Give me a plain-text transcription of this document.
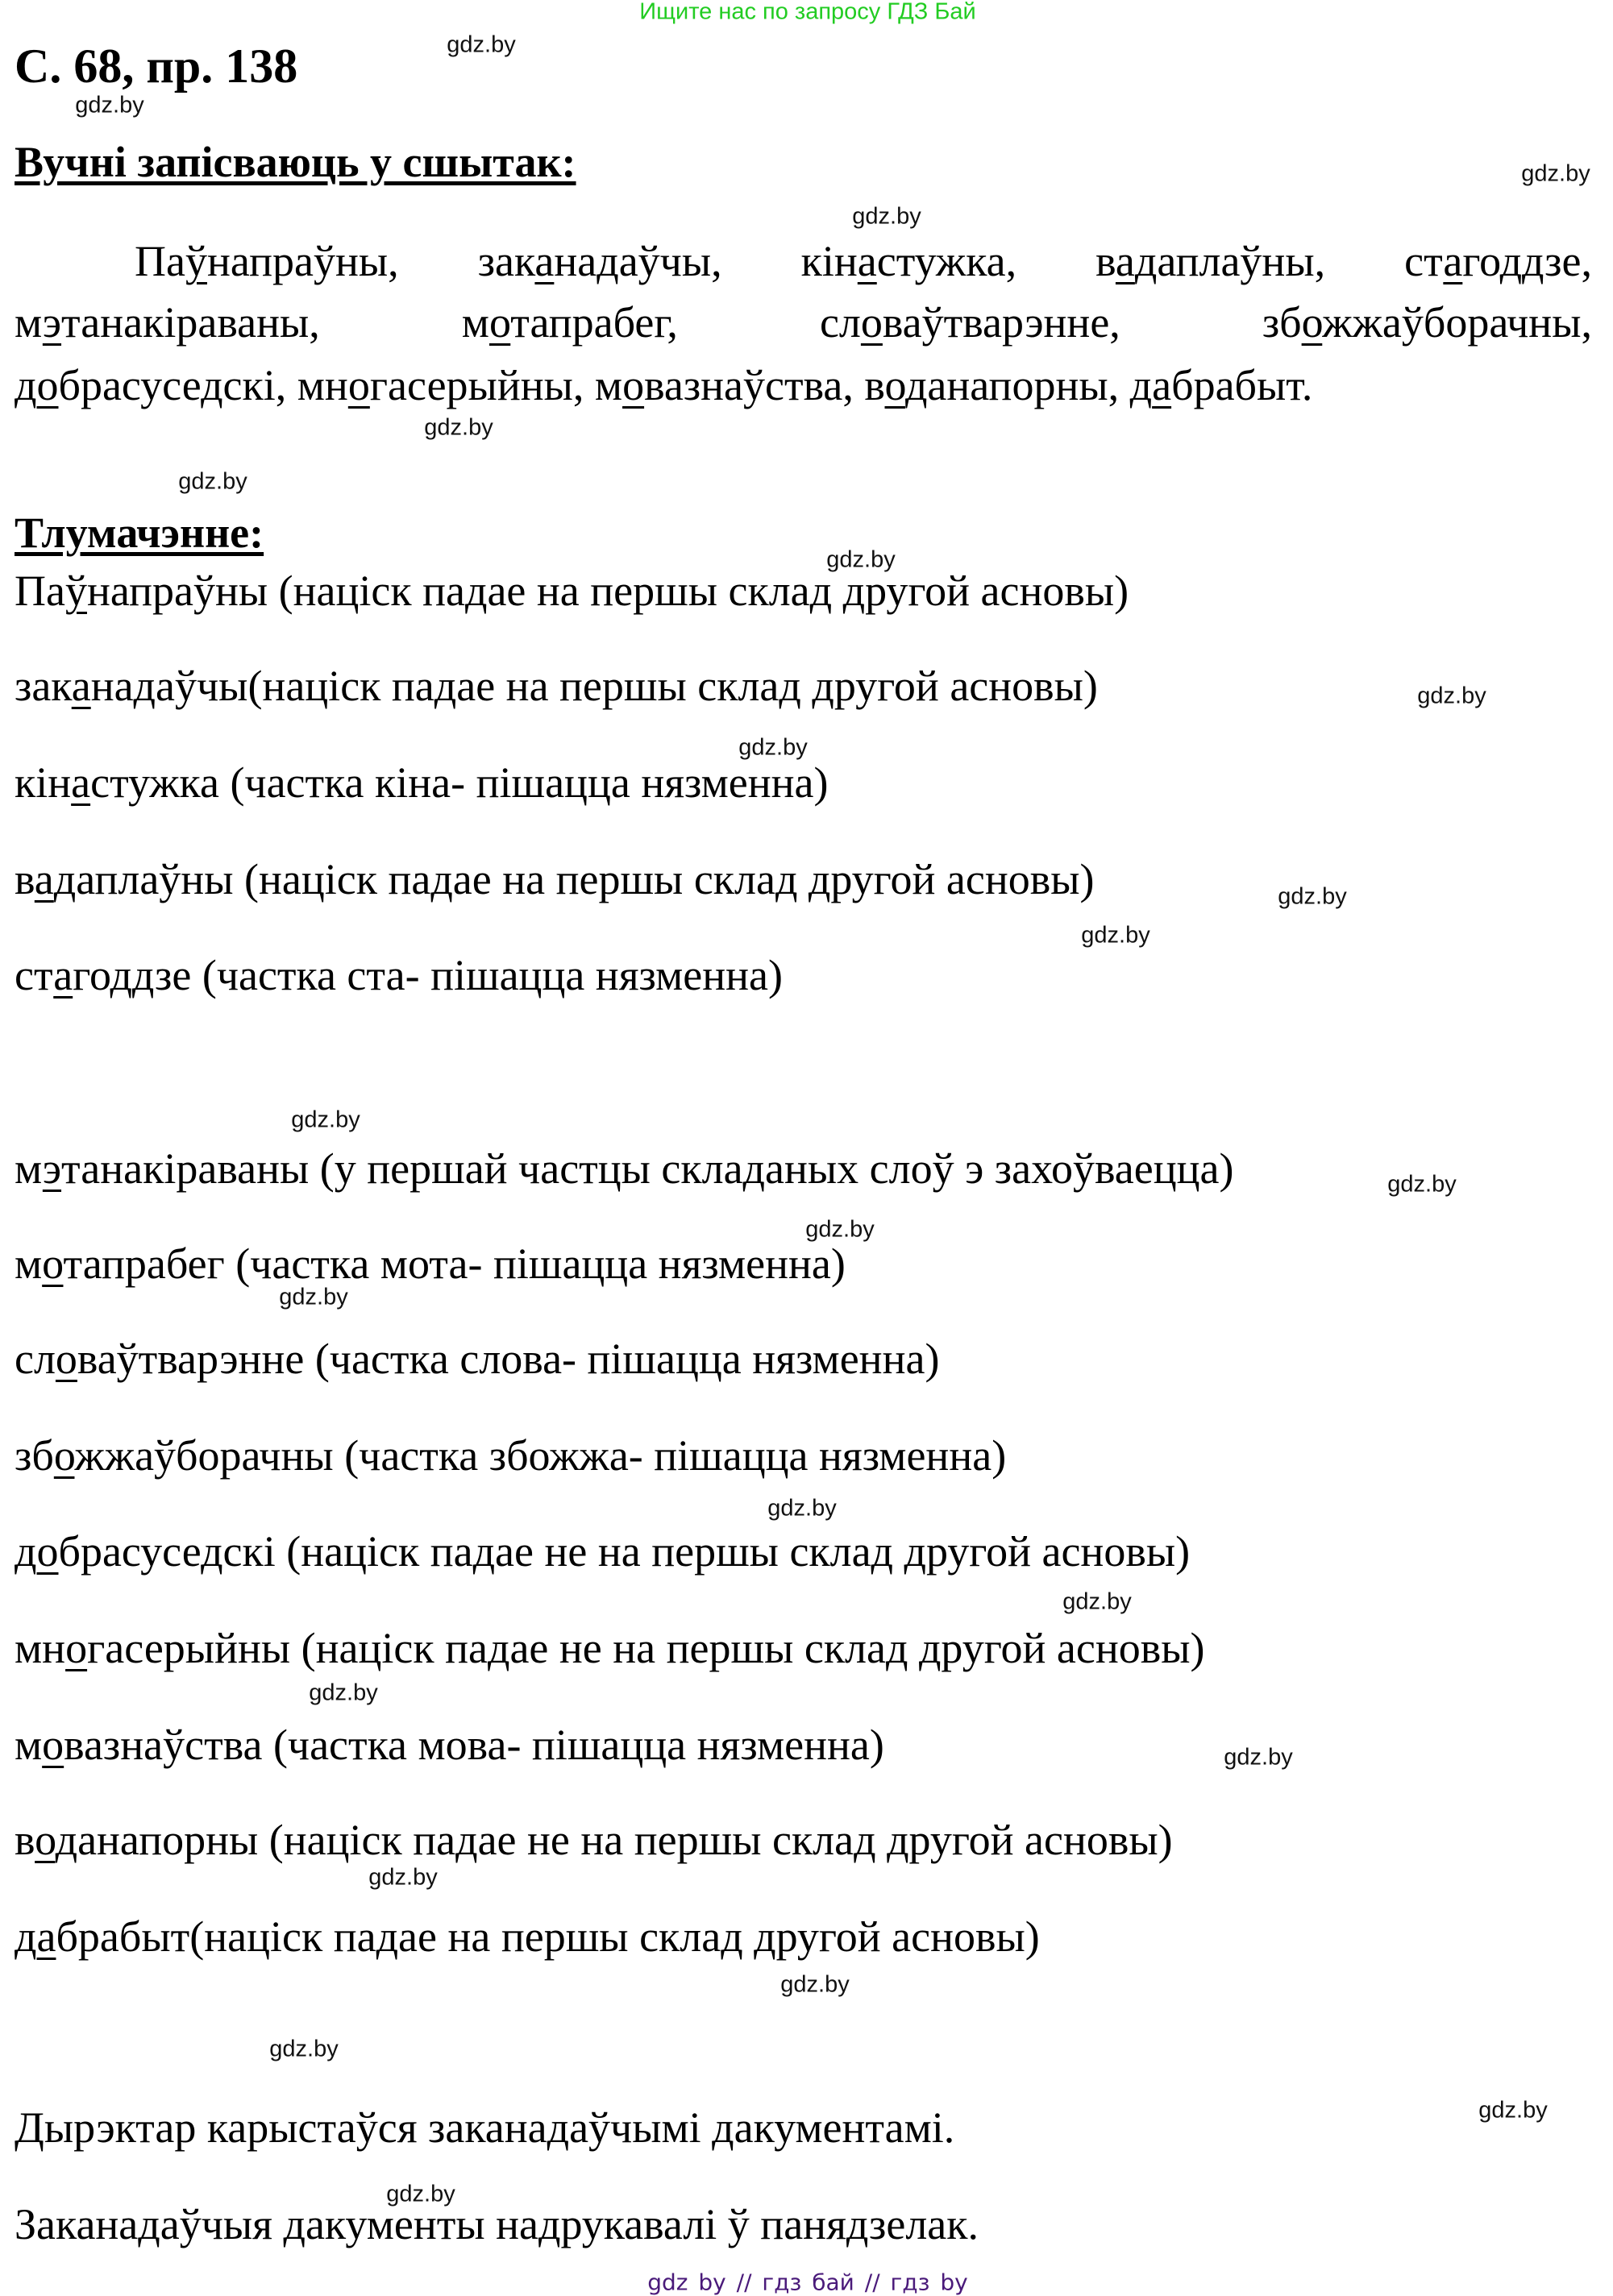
Ищите нас по запросу ГДЗ Бай
С. 68, пр. 138
Вучні запісваюць у сшытак:
Тлумачэнне:
Паўнапраўны, заканадаўчы, кінастужка, вадаплаўны, стагоддзе,
мэтанакіраваны,	мотапрабег,	словаўтварэнне,	збожжаўборачны,
добрасуседскі, многасерыйны, мовазнаўства, воданапорны, дабрабыт.
Паўнапраўны (націск падае на першы склад другой асновы)
заканадаўчы(націск падае на першы склад другой асновы)
кінастужка (частка кіна- пішацца нязменна)
вадаплаўны (націск падае на першы склад другой асновы)
стагоддзе (частка ста- пішацца нязменна)
мэтанакіраваны (у першай частцы складаных слоў э захоўваецца)
мотапрабег (частка мота- пішацца нязменна)
словаўтварэнне (частка слова- пішацца нязменна)
збожжаўборачны (частка збожжа- пішацца нязменна)
добрасуседскі (націск падае не на першы склад другой асновы)
многасерыйны (націск падае не на першы склад другой асновы)
мовазнаўства (частка мова- пішацца нязменна)
воданапорны (націск падае не на першы склад другой асновы)
дабрабыт(націск падае на першы склад другой асновы)
Дырэктар карыстаўся заканадаўчымі дакументамі.
Заканадаўчыя дакументы надрукавалі ў панядзелак.
gdz.by
gdz.by
gdz.by
gdz.by
gdz.by
gdz.by
gdz.by
gdz.by
gdz.by
gdz.by
gdz.by
gdz.by
gdz.by
gdz.by
gdz.by
gdz.by
gdz.by
gdz.by
gdz.by
gdz.by
gdz.by
gdz.by
gdz.by
gdz.by
gdz by // гдз бай // гдз by
